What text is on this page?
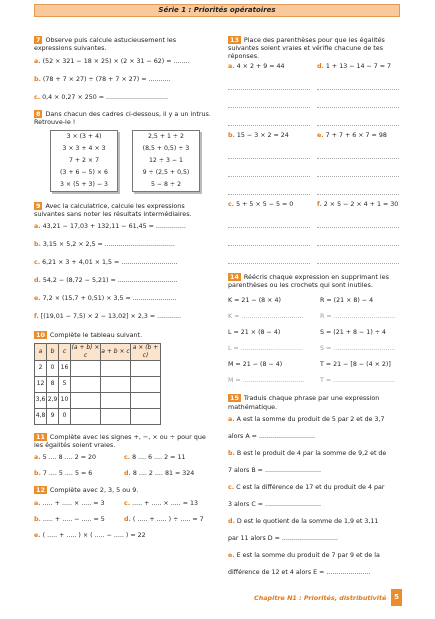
Série 1 : Priorités opératoires
7 Observe puis calcule astucieusement les expressions suivantes.
a. (52 × 321 − 18 × 25) × (2 × 31 − 62) = ........
b. (78 + 7 × 27) ÷ (78 + 7 × 27) = ...........
c. 0,4 × 0,27 × 250 = ...............................
8 Dans chacun des cadres ci-dessous, il y a un intrus. Retrouve-le !
3 × (3 + 4)
3 × 3 + 4 × 3
7 + 2 × 7
(3 + 6 − 5) × 6
3 × (5 + 3) − 3
2,5 + 1 ÷ 2
(8,5 + 0,5) ÷ 3
12 ÷ 3 − 1
9 ÷ (2,5 + 0,5)
5 − 8 ÷ 2
9 Avec la calculatrice, calcule les expressions suivantes sans noter les résultats intermédiaires.
a. 43,21 − 17,03 + 132,11 − 61,45 = ...............
b. 3,15 × 5,2 × 2,5 = ...................................
c. 6,21 × 3 + 4,01 × 1,5 = ............................
d. 54,2 − (8,72 − 5,21) = ..............................
e. 7,2 × (15,7 + 0,51) × 3,5 = ......................
f. [(19,01 − 7,5) × 2 − 13,02] × 2,3 = ............
10 Complète le tableau suivant.
a	b	c	(a + b) × c	a + b × c	a × (b + c)
2	0	16			
12	8	5			
3,6	2,9	10			
4,8	9	0			
11 Complète avec les signes +, −, × ou ÷ pour que les égalités soient vraies.
a. 5 .... 8 .... 2 = 20	c. 8 .... 6 .... 2 = 11
b. 7 .... 5 .... 5 = 6	d. 8 .... 2 .... 81 = 324
12 Complète avec 2, 3, 5 ou 9.
a. ..... + ..... × ..... = 3	c. ..... + ..... × ..... = 13
b. ..... + ..... − ..... = 5	d. ( ..... + ..... ) ÷ ..... = 7
e. ( ..... + ..... ) × ( ..... − ..... ) = 22
13 Place des parenthèses pour que les égalités suivantes soient vraies et vérifie chacune de tes réponses.
a. 4 × 2 + 9 = 44	d. 1 + 13 − 14 − 7 = 7
b. 15 − 3 × 2 = 24	e. 7 + 7 + 6 × 7 = 98
c. 5 + 5 × 5 − 5 = 0	f. 2 × 5 − 2 × 4 + 1 = 30
14 Réécris chaque expression en supprimant les parenthèses ou les crochets qui sont inutiles.
K = 21 − (8 × 4)	R = (21 × 8) − 4
K = ...............................	R = ...............................
L = 21 × (8 − 4)	S = (21 + 8 − 1) ÷ 4
L = ...............................	S = ...............................
M = 21 − (8 − 4)	T = 21 − [8 − (4 × 2)]
M = ...............................	T = ...............................
15 Traduis chaque phrase par une expression mathématique.
a. A est la somme du produit de 5 par 2 et de 3,7
alors A = ............................
b. B est le produit de 4 par la somme de 9,2 et de
7 alors B = ............................
c. C est la différence de 17 et du produit de 4 par
3 alors C = ............................
d. D est le quotient de la somme de 1,9 et 3,11
par 11 alors D = ............................
e. E est la somme du produit de 7 par 9 et de la
différence de 12 et 4 alors E = ......................
Chapitre N1 : Priorités, distributivité	5
